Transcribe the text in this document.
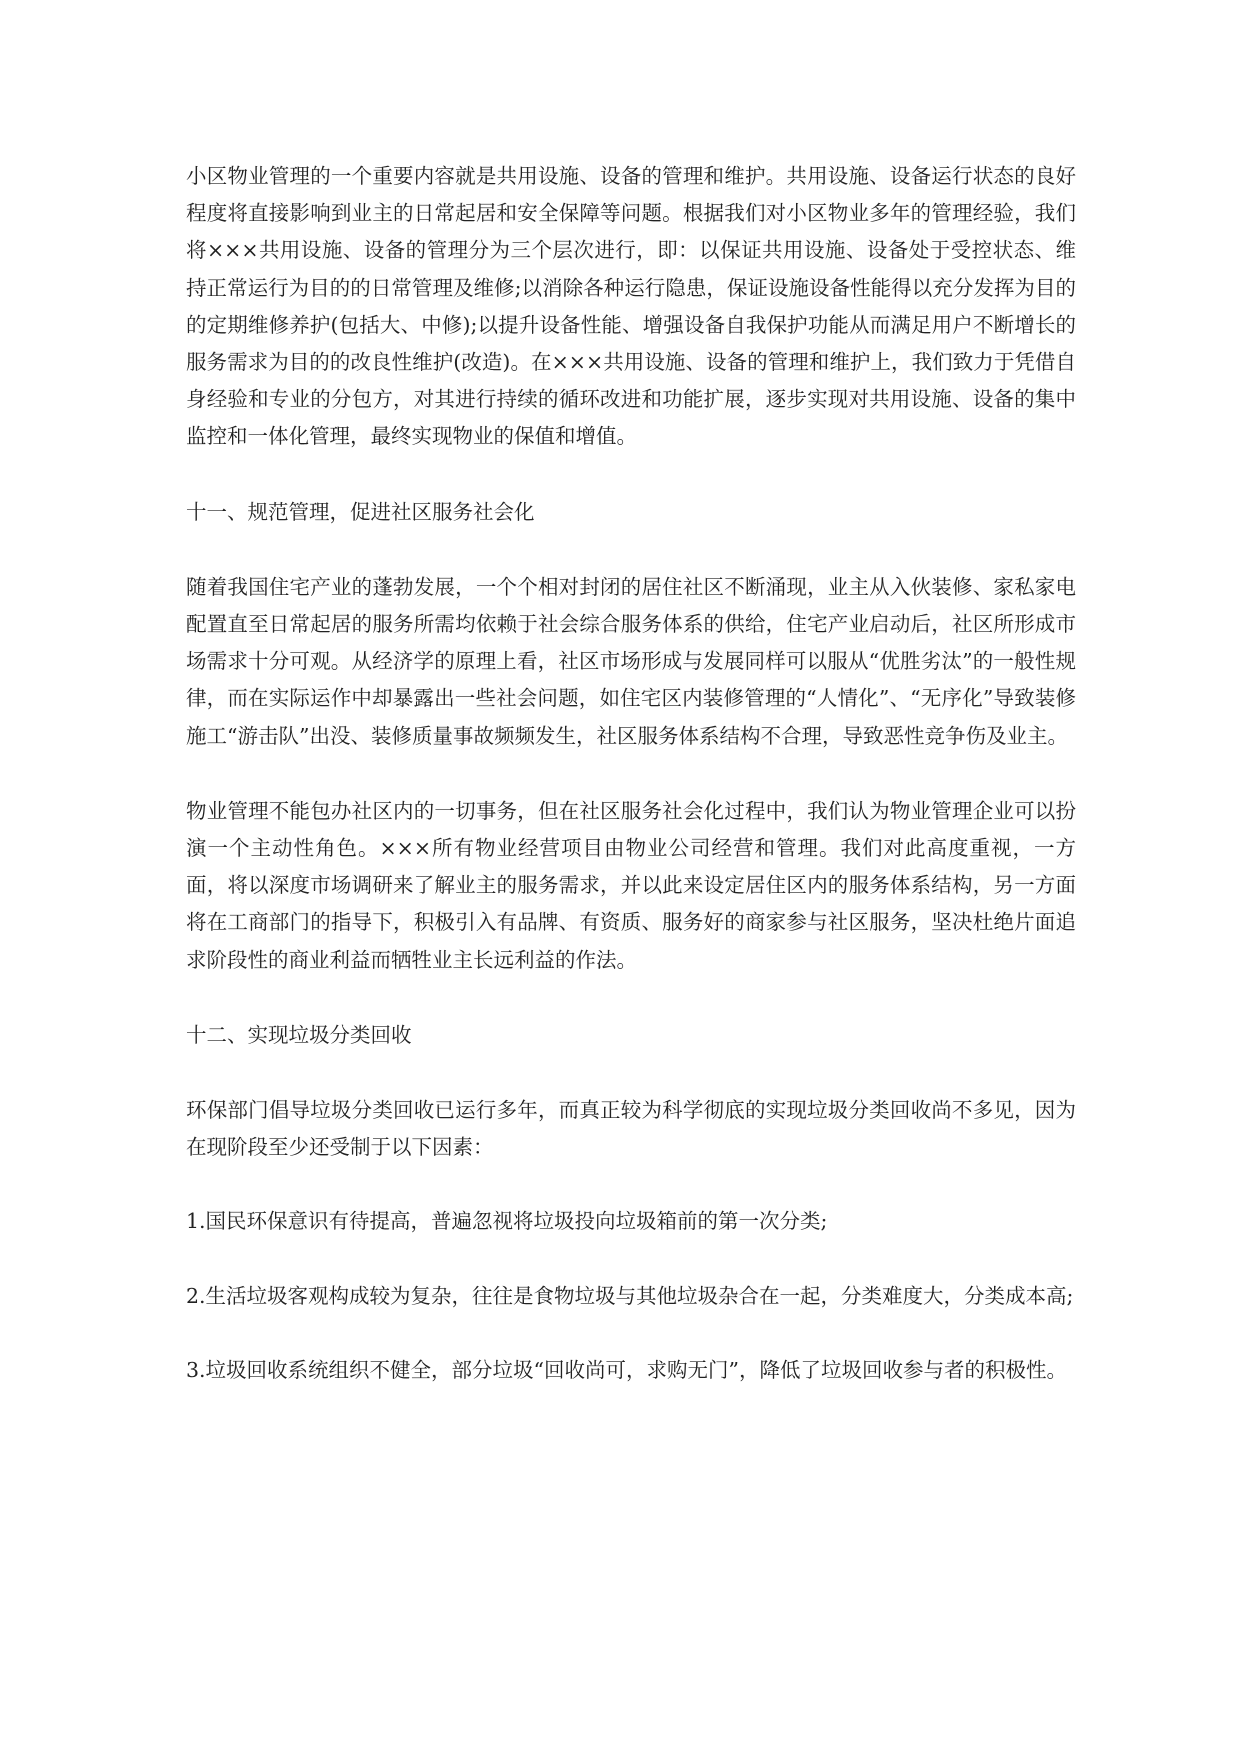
小区物业管理的一个重要内容就是共用设施、设备的管理和维护。共用设施、设备运行状态的良好程度将直接影响到业主的日常起居和安全保障等问题。根据我们对小区物业多年的管理经验，我们将×××共用设施、设备的管理分为三个层次进行，即：以保证共用设施、设备处于受控状态、维持正常运行为目的的日常管理及维修;以消除各种运行隐患，保证设施设备性能得以充分发挥为目的的定期维修养护(包括大、中修);以提升设备性能、增强设备自我保护功能从而满足用户不断增长的服务需求为目的的改良性维护(改造)。在×××共用设施、设备的管理和维护上，我们致力于凭借自身经验和专业的分包方，对其进行持续的循环改进和功能扩展，逐步实现对共用设施、设备的集中监控和一体化管理，最终实现物业的保值和增值。

十一、规范管理，促进社区服务社会化

随着我国住宅产业的蓬勃发展，一个个相对封闭的居住社区不断涌现，业主从入伙装修、家私家电配置直至日常起居的服务所需均依赖于社会综合服务体系的供给，住宅产业启动后，社区所形成市场需求十分可观。从经济学的原理上看，社区市场形成与发展同样可以服从“优胜劣汰”的一般性规律，而在实际运作中却暴露出一些社会问题，如住宅区内装修管理的“人情化”、“无序化”导致装修施工“游击队”出没、装修质量事故频频发生，社区服务体系结构不合理，导致恶性竞争伤及业主。

物业管理不能包办社区内的一切事务，但在社区服务社会化过程中，我们认为物业管理企业可以扮演一个主动性角色。×××所有物业经营项目由物业公司经营和管理。我们对此高度重视，一方面，将以深度市场调研来了解业主的服务需求，并以此来设定居住区内的服务体系结构，另一方面将在工商部门的指导下，积极引入有品牌、有资质、服务好的商家参与社区服务，坚决杜绝片面追求阶段性的商业利益而牺牲业主长远利益的作法。

十二、实现垃圾分类回收

环保部门倡导垃圾分类回收已运行多年，而真正较为科学彻底的实现垃圾分类回收尚不多见，因为在现阶段至少还受制于以下因素：

1.国民环保意识有待提高，普遍忽视将垃圾投向垃圾箱前的第一次分类;

2.生活垃圾客观构成较为复杂，往往是食物垃圾与其他垃圾杂合在一起，分类难度大，分类成本高;

3.垃圾回收系统组织不健全，部分垃圾“回收尚可，求购无门”，降低了垃圾回收参与者的积极性。
